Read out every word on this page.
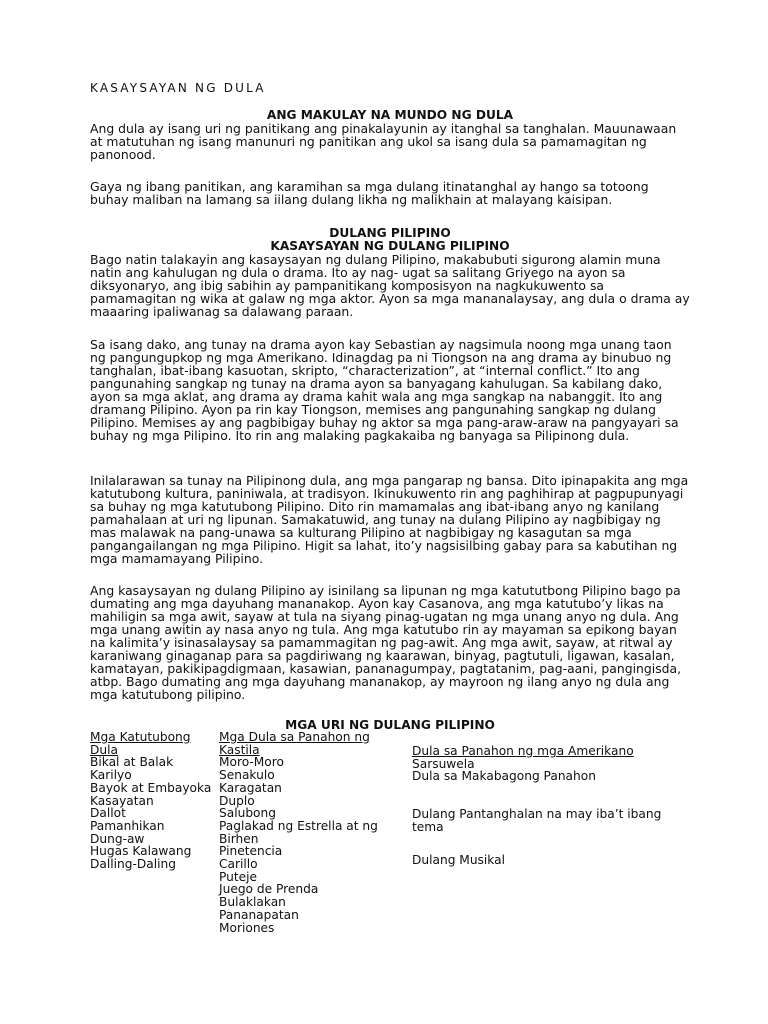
KASAYSAYAN NG DULA
ANG MAKULAY NA MUNDO NG DULA

Ang dula ay isang uri ng panitikang ang pinakalayunin ay itanghal sa tanghalan. Mauunawaan at matutuhan ng isang manunuri ng panitikan ang ukol sa isang dula sa pamamagitan ng panonood.

Gaya ng ibang panitikan, ang karamihan sa mga dulang itinatanghal ay hango sa totoong buhay maliban na lamang sa iilang dulang likha ng malikhain at malayang kaisipan.

DULANG PILIPINO
KASAYSAYAN NG DULANG PILIPINO

Bago natin talakayin ang kasaysayan ng dulang Pilipino, makabubuti sigurong alamin muna natin ang kahulugan ng dula o drama. Ito ay nag- ugat sa salitang Griyego na ayon sa diksyonaryo, ang ibig sabihin ay pampanitikang komposisyon na nagkukuwento sa pamamagitan ng wika at galaw ng mga aktor. Ayon sa mga mananalaysay, ang dula o drama ay maaaring ipaliwanag sa dalawang paraan.

Sa isang dako, ang tunay na drama ayon kay Sebastian ay nagsimula noong mga unang taon ng pangungupkop ng mga Amerikano. Idinagdag pa ni Tiongson na ang drama ay binubuo ng tanghalan, ibat-ibang kasuotan, skripto, “characterization”, at “internal conflict.” Ito ang pangunahing sangkap ng tunay na drama ayon sa banyagang kahulugan. Sa kabilang dako, ayon sa mga aklat, ang drama ay drama kahit wala ang mga sangkap na nabanggit. Ito ang dramang Pilipino. Ayon pa rin kay Tiongson, memises ang pangunahing sangkap ng dulang Pilipino. Memises ay ang pagbibigay buhay ng aktor sa mga pang-araw-araw na pangyayari sa buhay ng mga Pilipino. Ito rin ang malaking pagkakaiba ng banyaga sa Pilipinong dula.

Inilalarawan sa tunay na Pilipinong dula, ang mga pangarap ng bansa. Dito ipinapakita ang mga katutubong kultura, paniniwala, at tradisyon. Ikinukuwento rin ang paghihirap at pagpupunyagi sa buhay ng mga katutubong Pilipino. Dito rin mamamalas ang ibat-ibang anyo ng kanilang pamahalaan at uri ng lipunan. Samakatuwid, ang tunay na dulang Pilipino ay nagbibigay ng mas malawak na pang-unawa sa kulturang Pilipino at nagbibigay ng kasagutan sa mga pangangailangan ng mga Pilipino. Higit sa lahat, ito’y nagsisilbing gabay para sa kabutihan ng mga mamamayang Pilipino.

Ang kasaysayan ng dulang Pilipino ay isinilang sa lipunan ng mga katututbong Pilipino bago pa dumating ang mga dayuhang mananakop. Ayon kay Casanova, ang mga katutubo’y likas na mahiligin sa mga awit, sayaw at tula na siyang pinag-ugatan ng mga unang anyo ng dula. Ang mga unang awitin ay nasa anyo ng tula. Ang mga katutubo rin ay mayaman sa epikong bayan na kalimita’y isinasalaysay sa pamammagitan ng pag-awit. Ang mga awit, sayaw, at ritwal ay karaniwang ginaganap para sa pagdiriwang ng kaarawan, binyag, pagtutuli, ligawan, kasalan, kamatayan, pakikipagdigmaan, kasawian, pananagumpay, pagtatanim, pag-aani, pangingisda, atbp. Bago dumating ang mga dayuhang mananakop, ay mayroon ng ilang anyo ng dula ang mga katutubong pilipino.

MGA URI NG DULANG PILIPINO

Mga Katutubong Dula

Bikal at Balak
Karilyo
Bayok at Embayoka
Kasayatan
Dallot
Pamanhikan
Dung-aw
Hugas Kalawang
Dalling-Daling

Mga Dula sa Panahon ng Kastila

Moro-Moro
Senakulo
Karagatan
Duplo
Salubong
Paglakad ng Estrella at ng Birhen
Pinetencia
Carillo
Puteje
Juego de Prenda
Bulaklakan
Pananapatan
Moriones

Dula sa Panahon ng mga Amerikano

Sarsuwela
Dula sa Makabagong Panahon
Dulang Pantanghalan na may iba’t ibang tema
Dulang Musikal
